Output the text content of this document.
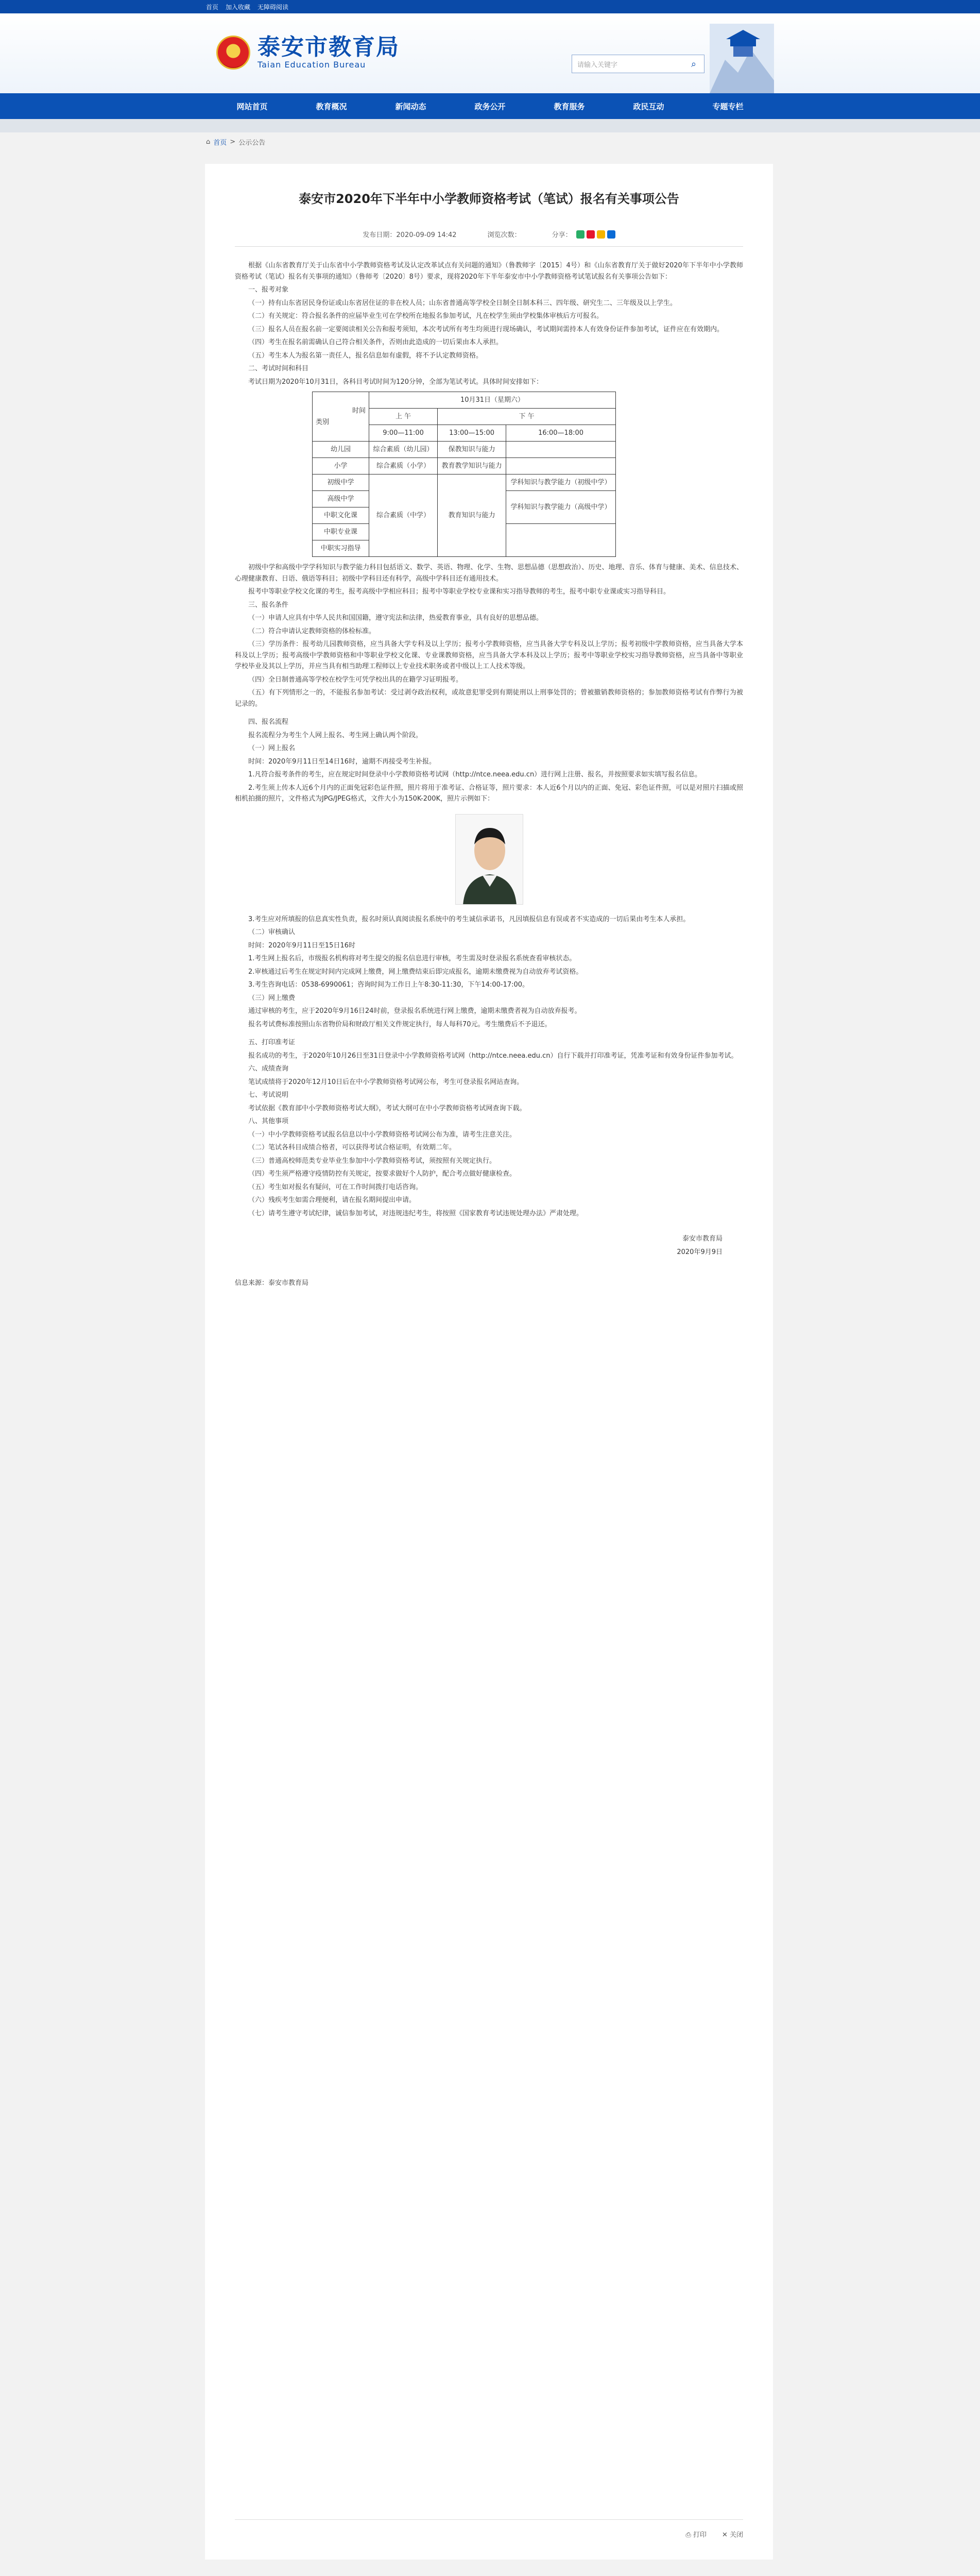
首页 加入收藏 无障碍阅读
★ 泰安市教育局
Taian Education Bureau	请输入关键字	⌕
网站首页	教育概况	新闻动态	政务公开	教育服务	政民互动	专题专栏
⌂ 首页 > 公示公告
泰安市2020年下半年中小学教师资格考试（笔试）报名有关事项公告
发布日期：2020-09-09 14:42	浏览次数：	分享：

根据《山东省教育厅关于山东省中小学教师资格考试及认定改革试点有关问题的通知》（鲁教师字〔2015〕4号）和《山东省教育厅关于做好2020年下半年中小学教师资格考试（笔试）报名有关事项的通知》（鲁师考〔2020〕8号）要求，现将2020年下半年泰安市中小学教师资格考试笔试报名有关事项公告如下：

一、报考对象

（一）持有山东省居民身份证或山东省居住证的非在校人员；山东省普通高等学校全日制全日制本科三、四年级、研究生二、三年级及以上学生。

（二）有关规定：符合报名条件的应届毕业生可在学校所在地报名参加考试，凡在校学生须由学校集体审核后方可报名。

（三）报名人员在报名前一定要阅读相关公告和报考须知，本次考试所有考生均须进行现场确认，考试期间需持本人有效身份证件参加考试，证件应在有效期内。

（四）考生在报名前需确认自己符合相关条件，否则由此造成的一切后果由本人承担。

（五）考生本人为报名第一责任人，报名信息如有虚假，将不予认定教师资格。

二、考试时间和科目

考试日期为2020年10月31日，各科目考试时间为120分钟，全部为笔试考试。具体时间安排如下：

时间
类别	10月31日（星期六）		
	上 午	下 午	
	9:00—11:00	13:00—15:00	16:00—18:00
幼儿园	综合素质（幼儿园）	保教知识与能力	
小学	综合素质（小学）	教育教学知识与能力	
初级中学	综合素质（中学）	教育知识与能力	学科知识与教学能力（初级中学）
高级中学			学科知识与教学能力（高级中学）
中职文化课			
中职专业课			
中职实习指导			

初级中学和高级中学学科知识与教学能力科目包括语文、数学、英语、物理、化学、生物、思想品德（思想政治）、历史、地理、音乐、体育与健康、美术、信息技术、心理健康教育、日语、俄语等科目；初级中学科目还有科学，高级中学科目还有通用技术。

报考中等职业学校文化课的考生，报考高级中学相应科目；报考中等职业学校专业课和实习指导教师的考生，报考中职专业课或实习指导科目。

三、报名条件

（一）申请人应具有中华人民共和国国籍，遵守宪法和法律，热爱教育事业，具有良好的思想品德。

（二）符合申请认定教师资格的体检标准。

（三）学历条件：报考幼儿园教师资格，应当具备大学专科及以上学历；报考小学教师资格，应当具备大学专科及以上学历；报考初级中学教师资格，应当具备大学本科及以上学历；报考高级中学教师资格和中等职业学校文化课、专业课教师资格，应当具备大学本科及以上学历；报考中等职业学校实习指导教师资格，应当具备中等职业学校毕业及其以上学历，并应当具有相当助理工程师以上专业技术职务或者中级以上工人技术等级。

（四）全日制普通高等学校在校学生可凭学校出具的在籍学习证明报考。

（五）有下列情形之一的，不能报名参加考试：受过剥夺政治权利，或故意犯罪受到有期徒刑以上刑事处罚的；曾被撤销教师资格的；参加教师资格考试有作弊行为被记录的。

四、报名流程

报名流程分为考生个人网上报名、考生网上确认两个阶段。

（一）网上报名

时间：2020年9月11日至14日16时，逾期不再接受考生补报。

1.凡符合报考条件的考生，应在规定时间登录中小学教师资格考试网（http://ntce.neea.edu.cn）进行网上注册、报名，并按照要求如实填写报名信息。

2.考生须上传本人近6个月内的正面免冠彩色证件照，照片将用于准考证、合格证等，照片要求：本人近6个月以内的正面、免冠、彩色证件照，可以是对照片扫描或照相机拍摄的照片，文件格式为JPG/JPEG格式，文件大小为150K-200K，照片示例如下：

3.考生应对所填报的信息真实性负责，报名时须认真阅读报名系统中的考生诚信承诺书，凡因填报信息有误或者不实造成的一切后果由考生本人承担。

（二）审核确认

时间：2020年9月11日至15日16时

1.考生网上报名后，市级报名机构将对考生提交的报名信息进行审核，考生需及时登录报名系统查看审核状态。

2.审核通过后考生在规定时间内完成网上缴费，网上缴费结束后即完成报名，逾期未缴费视为自动放弃考试资格。

3.考生咨询电话：0538-6990061；咨询时间为工作日上午8:30-11:30，下午14:00-17:00。

（三）网上缴费

通过审核的考生，应于2020年9月16日24时前，登录报名系统进行网上缴费，逾期未缴费者视为自动放弃报考。

报名考试费标准按照山东省物价局和财政厅相关文件规定执行，每人每科70元。考生缴费后不予退还。

五、打印准考证

报名成功的考生，于2020年10月26日至31日登录中小学教师资格考试网（http://ntce.neea.edu.cn）自行下载并打印准考证，凭准考证和有效身份证件参加考试。

六、成绩查询

笔试成绩将于2020年12月10日后在中小学教师资格考试网公布，考生可登录报名网站查询。

七、考试说明

考试依据《教育部中小学教师资格考试大纲》，考试大纲可在中小学教师资格考试网查询下载。

八、其他事项

（一）中小学教师资格考试报名信息以中小学教师资格考试网公布为准，请考生注意关注。

（二）笔试各科目成绩合格者，可以获得考试合格证明，有效期二年。

（三）普通高校师范类专业毕业生参加中小学教师资格考试，须按照有关规定执行。

（四）考生须严格遵守疫情防控有关规定，按要求做好个人防护，配合考点做好健康检查。

（五）考生如对报名有疑问，可在工作时间拨打电话咨询。

（六）残疾考生如需合理便利，请在报名期间提出申请。

（七）请考生遵守考试纪律，诚信参加考试，对违规违纪考生，将按照《国家教育考试违规处理办法》严肃处理。

泰安市教育局
2020年9月9日
信息来源：泰安市教育局
⎙ 打印 ✕ 关闭
